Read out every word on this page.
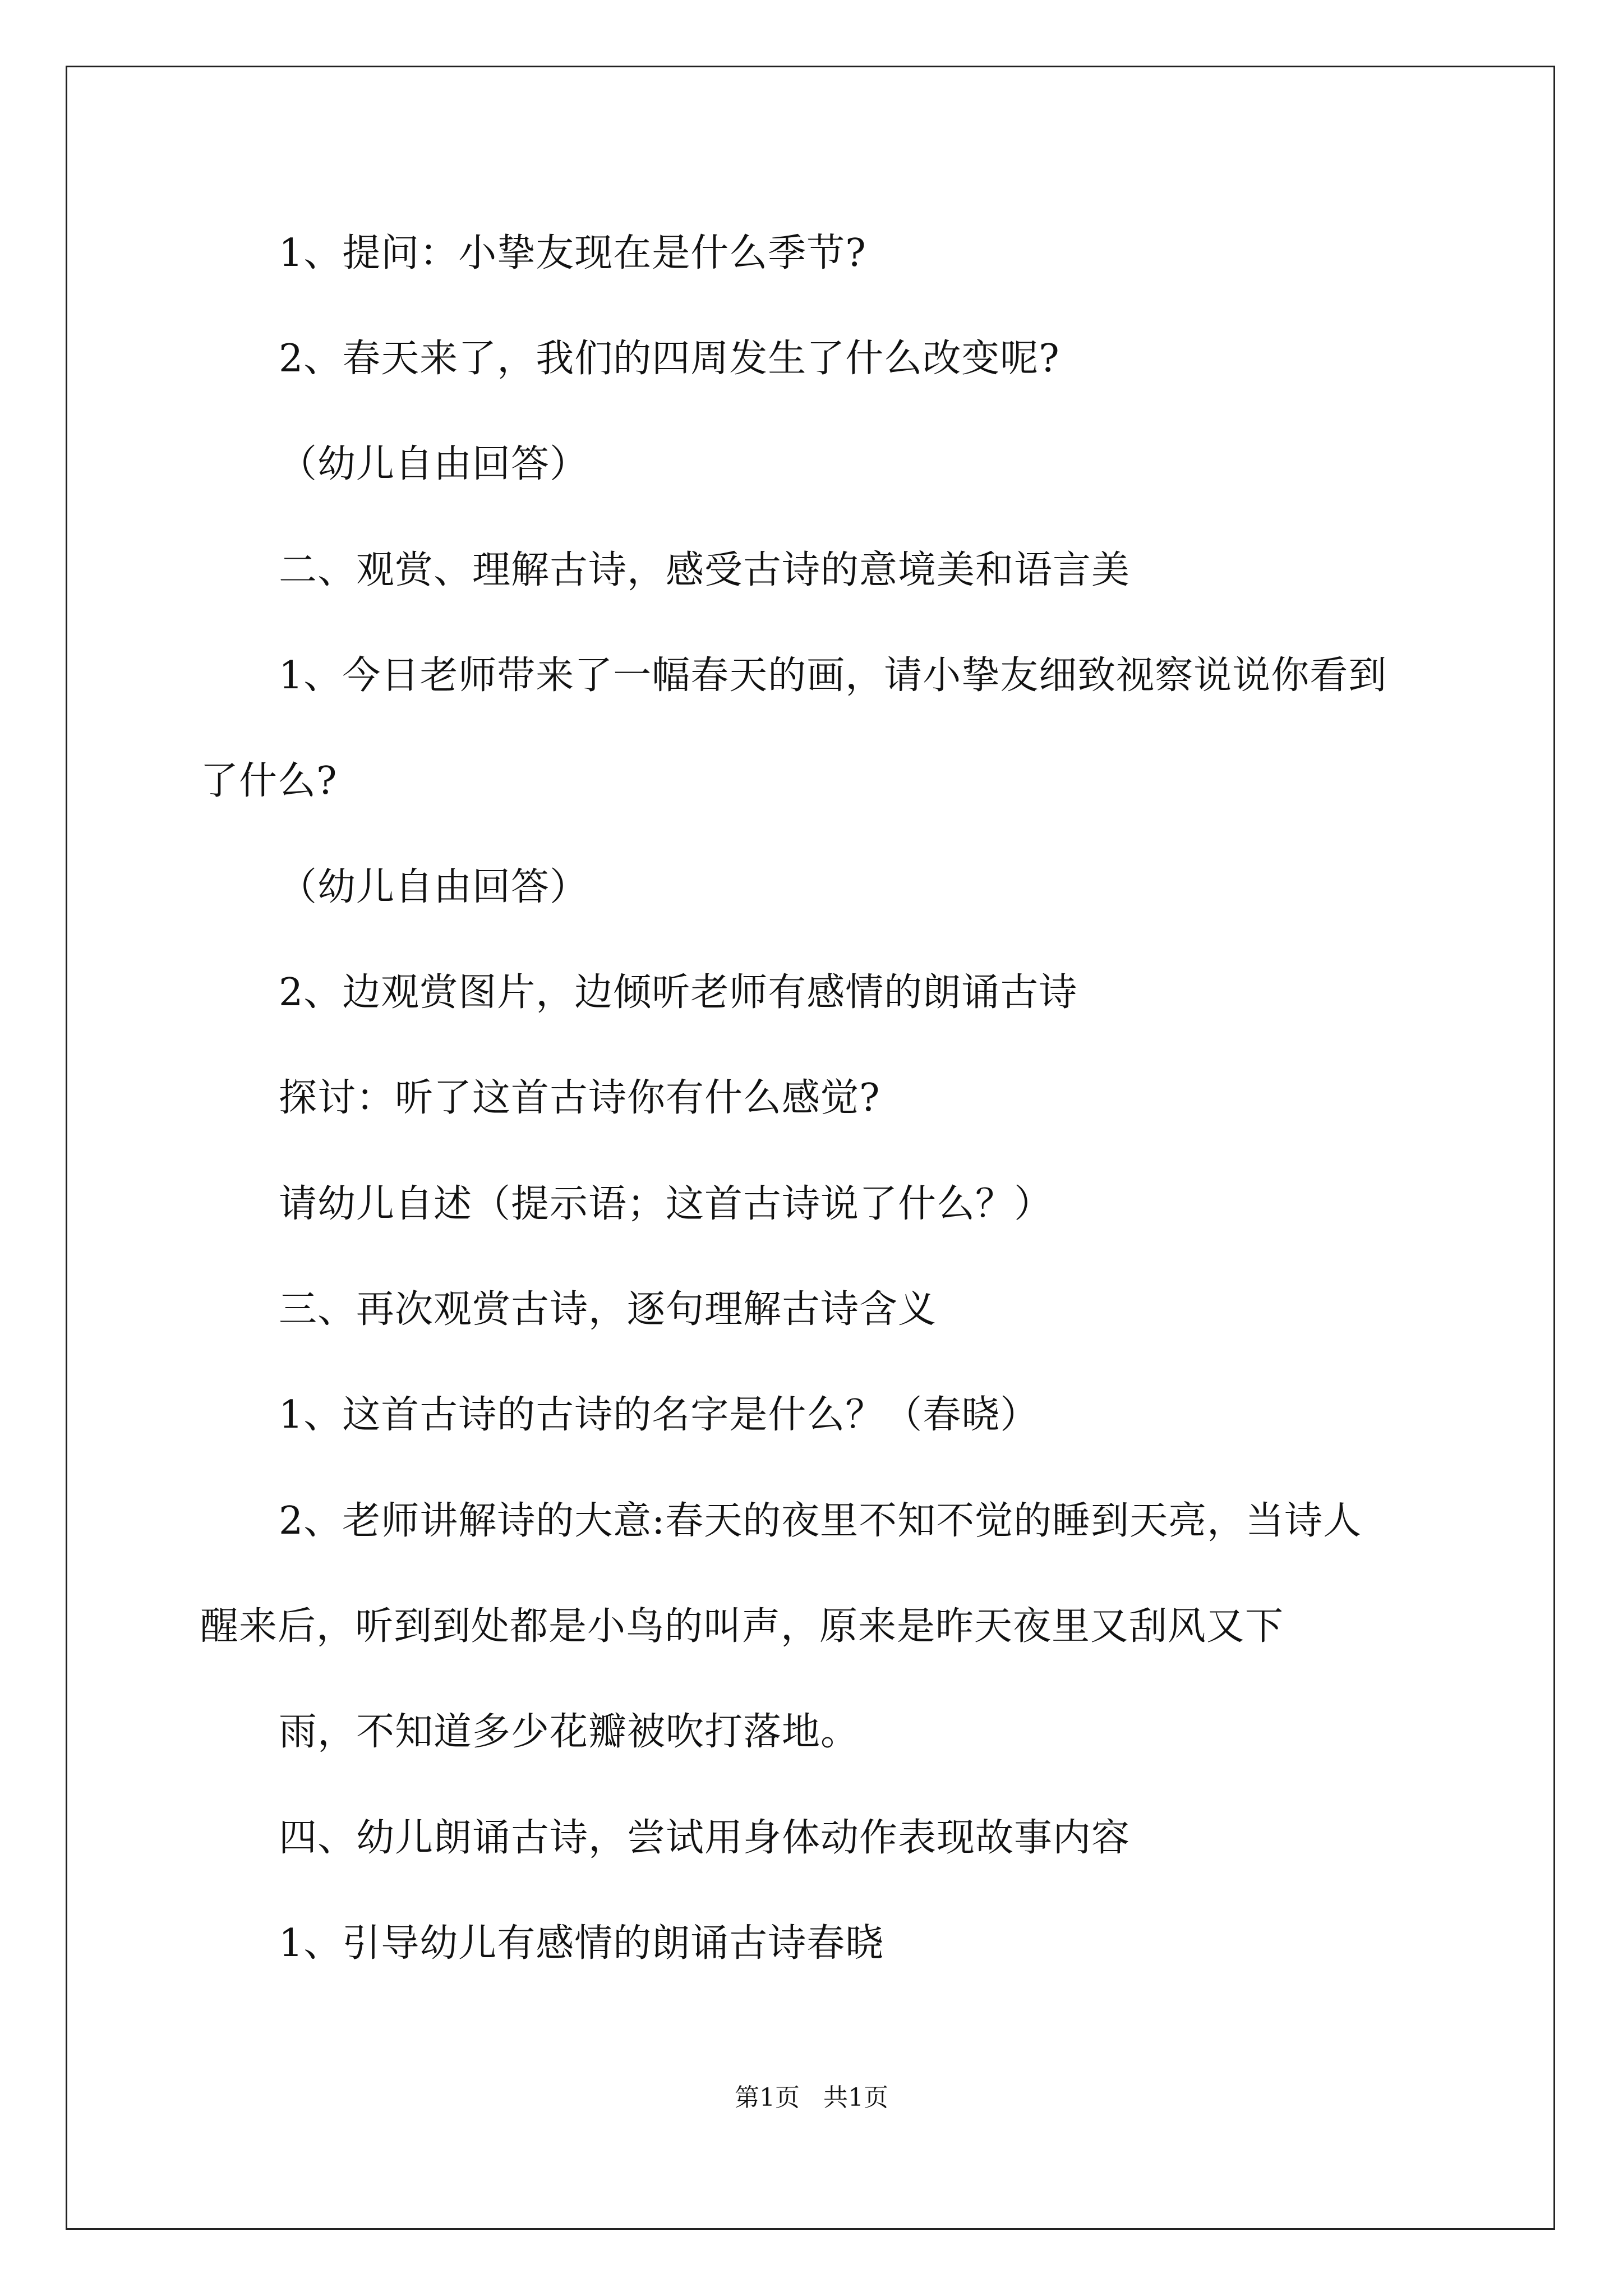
1、提问：小挚友现在是什么季节?
2、春天来了，我们的四周发生了什么改变呢?
（幼儿自由回答）
二、观赏、理解古诗，感受古诗的意境美和语言美
1、今日老师带来了一幅春天的画，请小挚友细致视察说说你看到
了什么?
（幼儿自由回答）
2、边观赏图片，边倾听老师有感情的朗诵古诗
探讨：听了这首古诗你有什么感觉?
请幼儿自述（提示语；这首古诗说了什么？）
三、再次观赏古诗，逐句理解古诗含义
1、这首古诗的古诗的名字是什么？（春晓）
2、老师讲解诗的大意:春天的夜里不知不觉的睡到天亮，当诗人
醒来后，听到到处都是小鸟的叫声，原来是昨天夜里又刮风又下
雨，不知道多少花瓣被吹打落地。
四、幼儿朗诵古诗，尝试用身体动作表现故事内容
1、引导幼儿有感情的朗诵古诗春晓
第1页 共1页
